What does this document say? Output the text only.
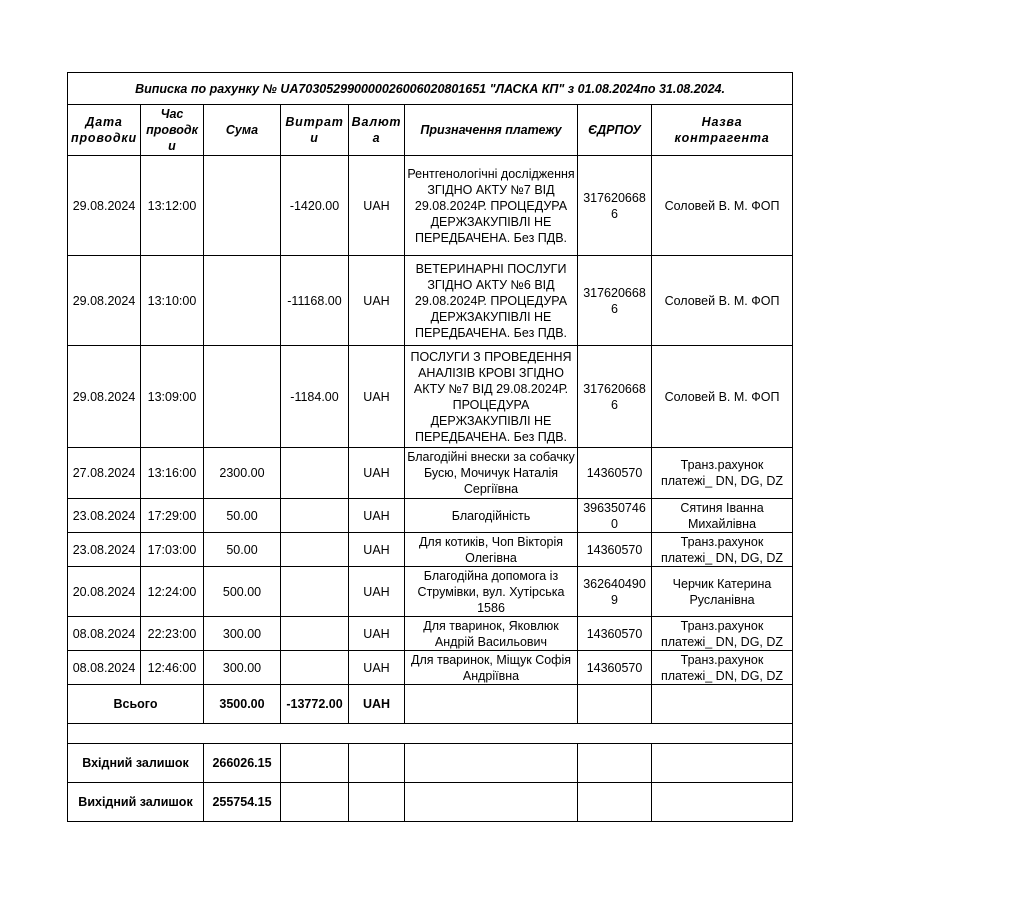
Виписка по рахунку № UA703052990000026006020801651 "ЛАСКА КП" з 01.08.2024по 31.08.2024.							
Дата проводки	Час проводки	Сума	Витрати	Валюта	Призначення платежу	ЄДРПОУ	Назва контрагента
29.08.2024	13:12:00		-1420.00	UAH	Рентгенологічні дослідження ЗГІДНО АКТУ №7 ВІД 29.08.2024Р. ПРОЦЕДУРА ДЕРЖЗАКУПІВЛІ НЕ ПЕРЕДБАЧЕНА. Без ПДВ.	3176206686	Соловей В. М. ФОП
29.08.2024	13:10:00		-11168.00	UAH	ВЕТЕРИНАРНІ ПОСЛУГИ ЗГІДНО АКТУ №6 ВІД 29.08.2024Р. ПРОЦЕДУРА ДЕРЖЗАКУПІВЛІ НЕ ПЕРЕДБАЧЕНА. Без ПДВ.	3176206686	Соловей В. М. ФОП
29.08.2024	13:09:00		-1184.00	UAH	ПОСЛУГИ З ПРОВЕДЕННЯ АНАЛІЗІВ КРОВІ ЗГІДНО АКТУ №7 ВІД 29.08.2024Р. ПРОЦЕДУРА ДЕРЖЗАКУПІВЛІ НЕ ПЕРЕДБАЧЕНА. Без ПДВ.	3176206686	Соловей В. М. ФОП
27.08.2024	13:16:00	2300.00		UAH	Благодійні внески за собачку Бусю, Мочичук Наталія Сергіївна	14360570	Транз.рахунок платежі_ DN, DG, DZ
23.08.2024	17:29:00	50.00		UAH	Благодійність	3963507460	Сятиня Іванна Михайлівна
23.08.2024	17:03:00	50.00		UAH	Для котиків, Чоп Вікторія Олегівна	14360570	Транз.рахунок платежі_ DN, DG, DZ
20.08.2024	12:24:00	500.00		UAH	Благодійна допомога із Струмівки, вул. Хутірська 1586	3626404909	Черчик Катерина Русланівна
08.08.2024	22:23:00	300.00		UAH	Для тваринок, Яковлюк Андрій Васильович	14360570	Транз.рахунок платежі_ DN, DG, DZ
08.08.2024	12:46:00	300.00		UAH	Для тваринок, Міщук Софія Андріївна	14360570	Транз.рахунок платежі_ DN, DG, DZ
Всього		3500.00	-13772.00	UAH			

Вхідний залишок		266026.15					
Вихідний залишок		255754.15					
